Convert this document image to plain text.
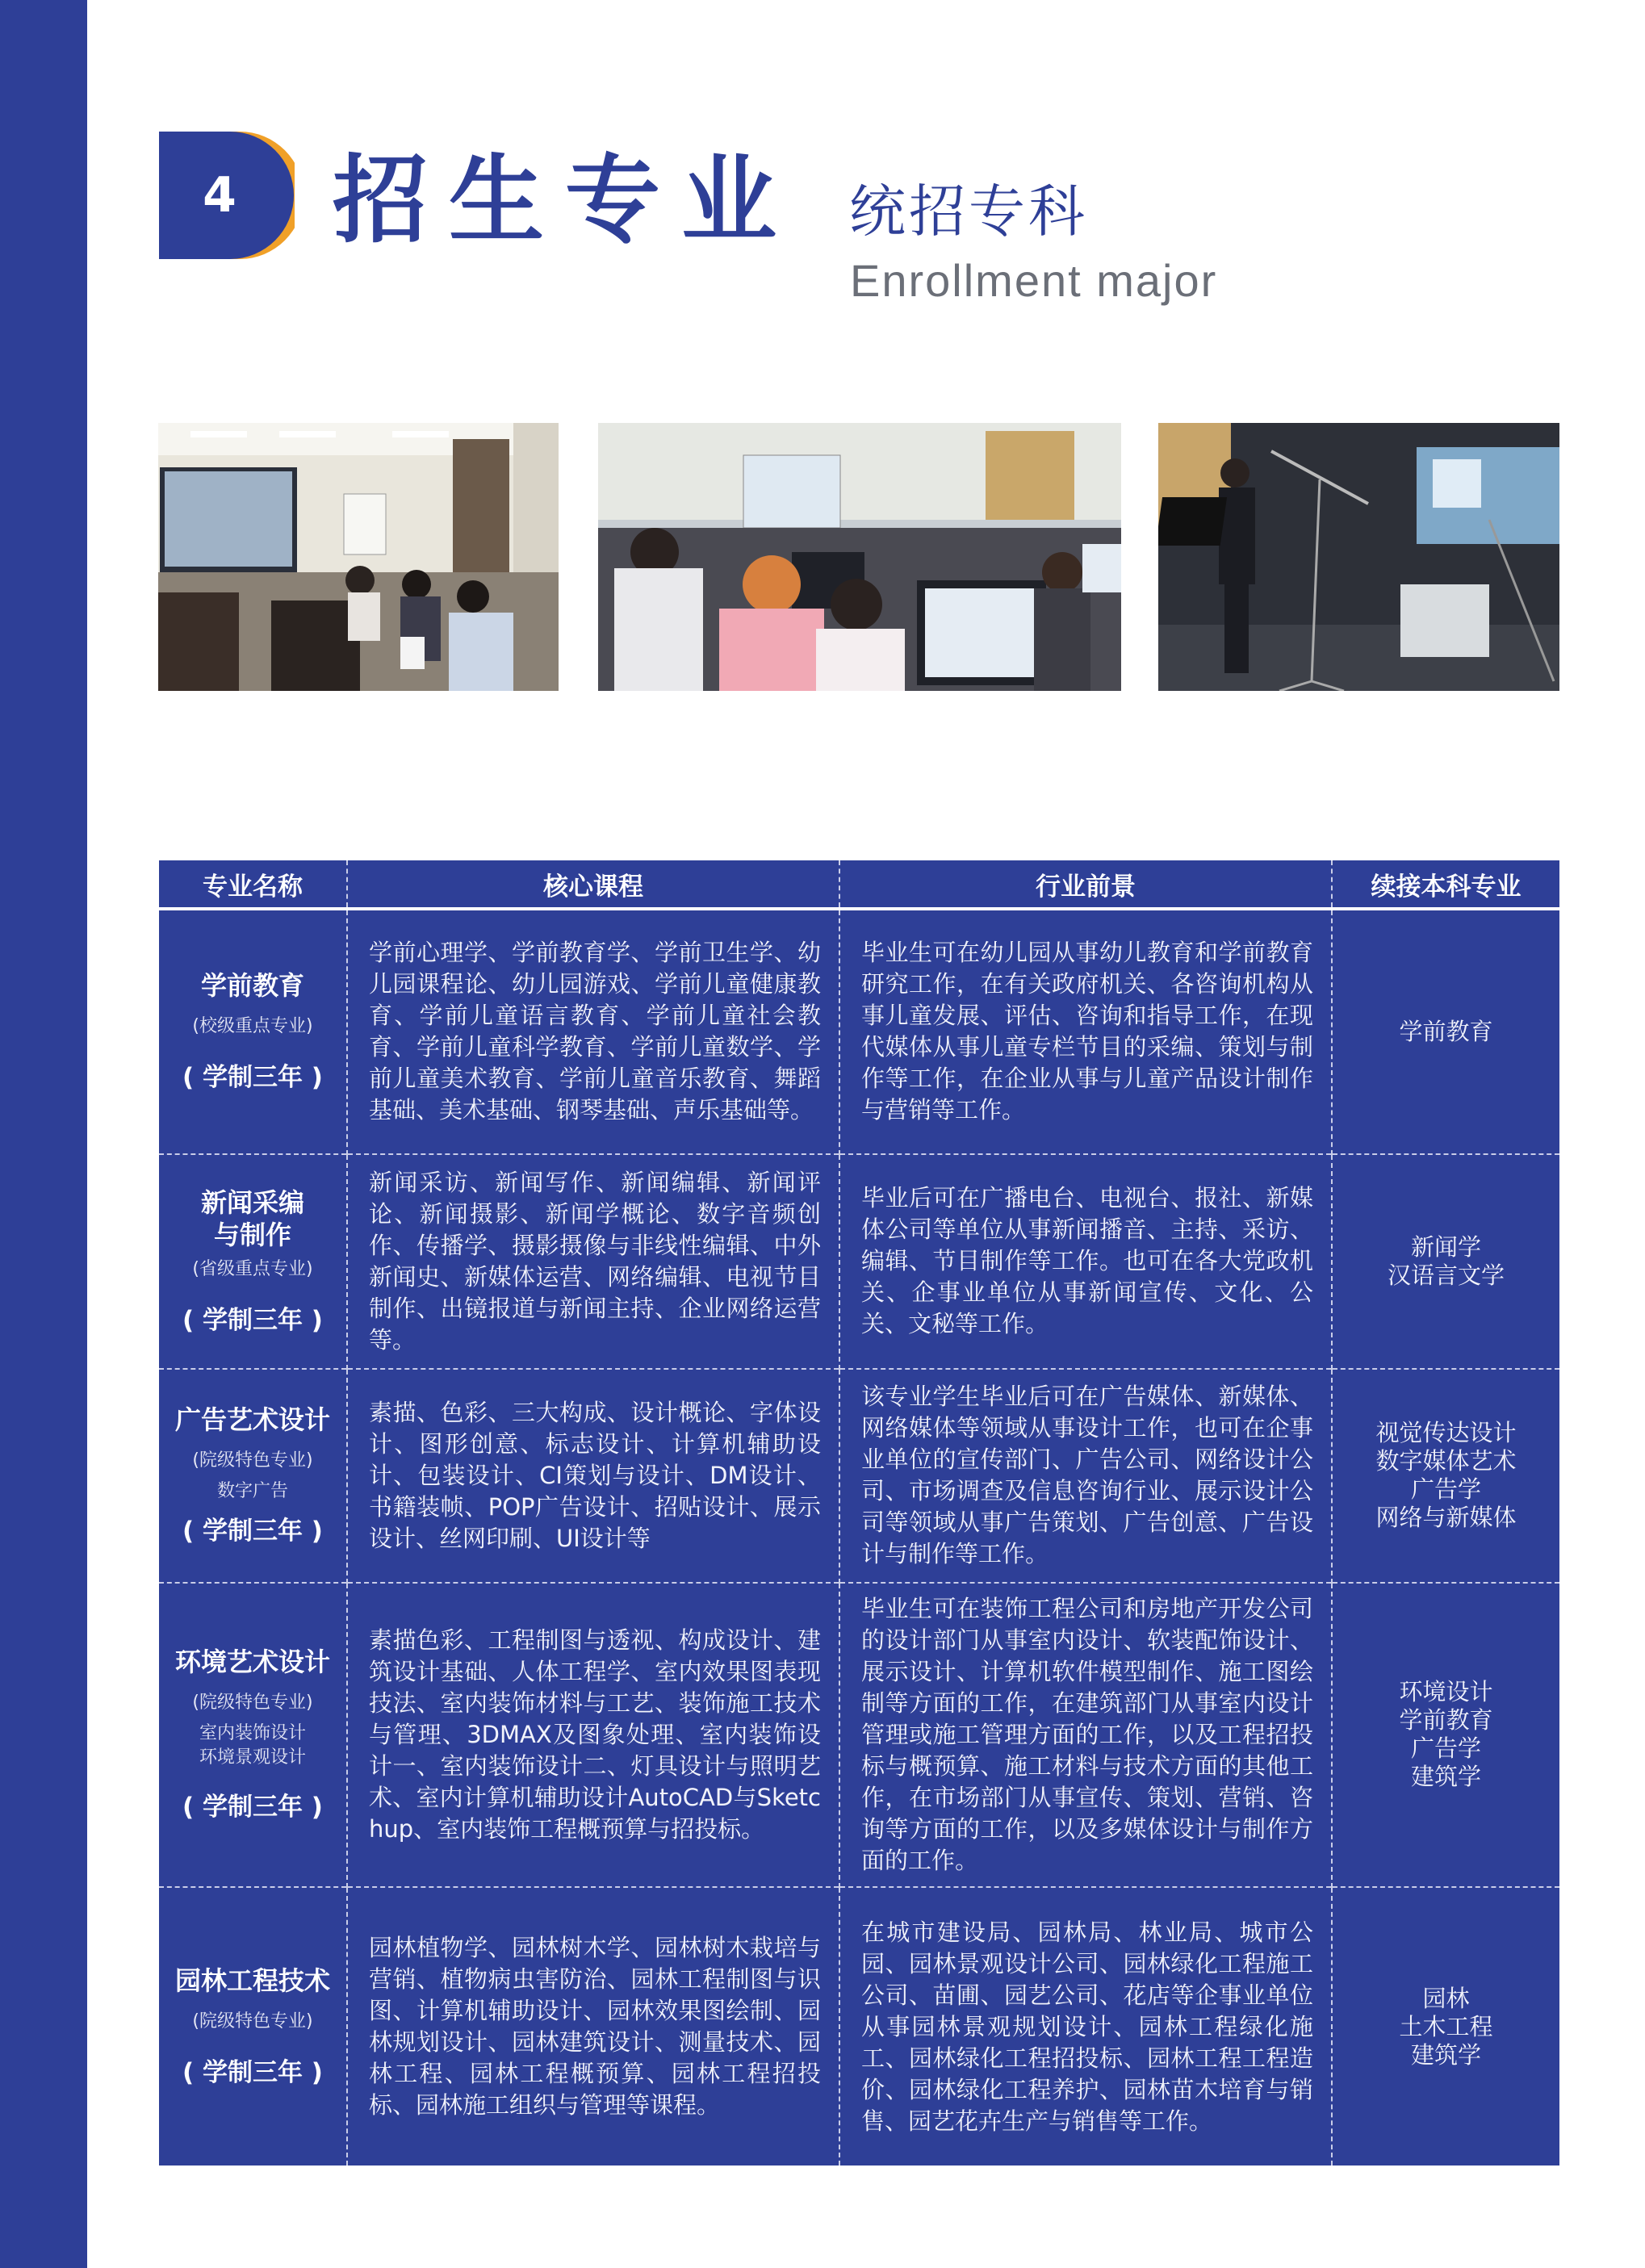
4	招生专业 统招专科
Enrollment major
专业名称	核心课程	行业前景	续接本科专业

学前教育
(校级重点专业)
( 学制三年 )	学前心理学、学前教育学、学前卫生学、幼儿园课程论、幼儿园游戏、学前儿童健康教育、学前儿童语言教育、学前儿童社会教育、学前儿童科学教育、学前儿童数学、学前儿童美术教育、学前儿童音乐教育、舞蹈基础、美术基础、钢琴基础、声乐基础等。	毕业生可在幼儿园从事幼儿教育和学前教育研究工作，在有关政府机关、各咨询机构从事儿童发展、评估、咨询和指导工作，在现代媒体从事儿童专栏节目的采编、策划与制作等工作，在企业从事与儿童产品设计制作与营销等工作。	学前教育

新闻采编与制作
(省级重点专业)
( 学制三年 )	新闻采访、新闻写作、新闻编辑、新闻评论、新闻摄影、新闻学概论、数字音频创作、传播学、摄影摄像与非线性编辑、中外新闻史、新媒体运营、网络编辑、电视节目制作、出镜报道与新闻主持、企业网络运营等。	毕业后可在广播电台、电视台、报社、新媒体公司等单位从事新闻播音、主持、采访、编辑、节目制作等工作。也可在各大党政机关、企事业单位从事新闻宣传、文化、公关、文秘等工作。	新闻学
汉语言文学

广告艺术设计
(院级特色专业)
数字广告
( 学制三年 )	素描、色彩、三大构成、设计概论、字体设计、图形创意、标志设计、计算机辅助设计、包装设计、CI策划与设计、DM设计、书籍装帧、POP广告设计、招贴设计、展示设计、丝网印刷、UI设计等	该专业学生毕业后可在广告媒体、新媒体、网络媒体等领域从事设计工作，也可在企事业单位的宣传部门、广告公司、网络设计公司、市场调查及信息咨询行业、展示设计公司等领域从事广告策划、广告创意、广告设计与制作等工作。	视觉传达设计
数字媒体艺术
广告学
网络与新媒体

环境艺术设计
(院级特色专业)
室内装饰设计 环境景观设计
( 学制三年 )	素描色彩、工程制图与透视、构成设计、建筑设计基础、人体工程学、室内效果图表现技法、室内装饰材料与工艺、装饰施工技术与管理、3DMAX及图象处理、室内装饰设计一、室内装饰设计二、灯具设计与照明艺术、室内计算机辅助设计AutoCAD与Sketchup、室内装饰工程概预算与招投标。	毕业生可在装饰工程公司和房地产开发公司的设计部门从事室内设计、软装配饰设计、展示设计、计算机软件模型制作、施工图绘制等方面的工作，在建筑部门从事室内设计管理或施工管理方面的工作，以及工程招投标与概预算、施工材料与技术方面的其他工作，在市场部门从事宣传、策划、营销、咨询等方面的工作，以及多媒体设计与制作方面的工作。	环境设计
学前教育
广告学
建筑学

园林工程技术
(院级特色专业)
( 学制三年 )	园林植物学、园林树木学、园林树木栽培与营销、植物病虫害防治、园林工程制图与识图、计算机辅助设计、园林效果图绘制、园林规划设计、园林建筑设计、测量技术、园林工程、园林工程概预算、园林工程招投标、园林施工组织与管理等课程。	在城市建设局、园林局、林业局、城市公园、园林景观设计公司、园林绿化工程施工公司、苗圃、园艺公司、花店等企事业单位从事园林景观规划设计、园林工程绿化施工、园林绿化工程招投标、园林工程工程造价、园林绿化工程养护、园林苗木培育与销售、园艺花卉生产与销售等工作。	园林
土木工程
建筑学
